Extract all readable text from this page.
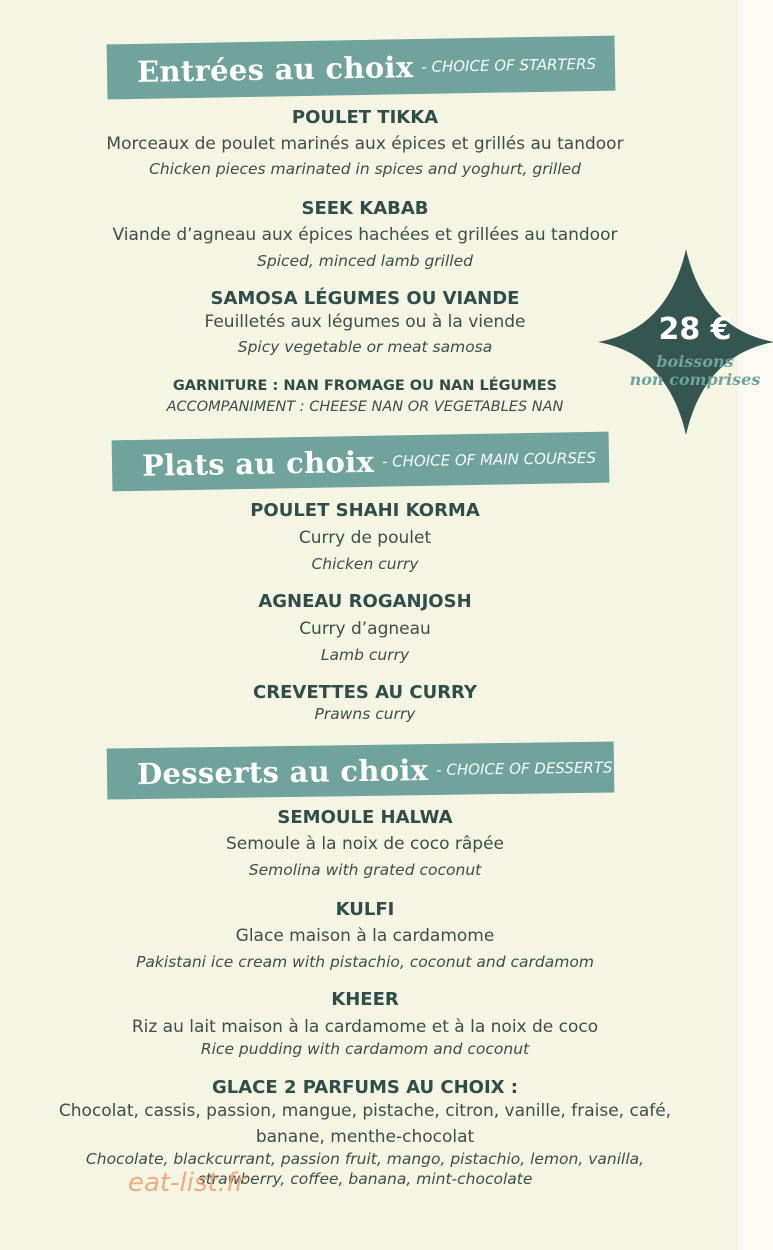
Entrées au choix - CHOICE OF STARTERS
POULET TIKKA
Morceaux de poulet marinés aux épices et grillés au tandoor
Chicken pieces marinated in spices and yoghurt, grilled
SEEK KABAB
Viande d’agneau aux épices hachées et grillées au tandoor
Spiced, minced lamb grilled
SAMOSA LÉGUMES OU VIANDE
Feuilletés aux légumes ou à la viende
Spicy vegetable or meat samosa
GARNITURE : NAN FROMAGE OU NAN LÉGUMES
ACCOMPANIMENT : CHEESE NAN OR VEGETABLES NAN
28 €
boissons
non comprises
Plats au choix - CHOICE OF MAIN COURSES
POULET SHAHI KORMA
Curry de poulet
Chicken curry
AGNEAU ROGANJOSH
Curry d’agneau
Lamb curry
CREVETTES AU CURRY
Prawns curry
Desserts au choix - CHOICE OF DESSERTS
SEMOULE HALWA
Semoule à la noix de coco râpée
Semolina with grated coconut
KULFI
Glace maison à la cardamome
Pakistani ice cream with pistachio, coconut and cardamom
KHEER
Riz au lait maison à la cardamome et à la noix de coco
Rice pudding with cardamom and coconut
GLACE 2 PARFUMS AU CHOIX :
Chocolat, cassis, passion, mangue, pistache, citron, vanille, fraise, café,
banane, menthe-chocolat
Chocolate, blackcurrant, passion fruit, mango, pistachio, lemon, vanilla,
strawberry, coffee, banana, mint-chocolate
eat-list.fr
